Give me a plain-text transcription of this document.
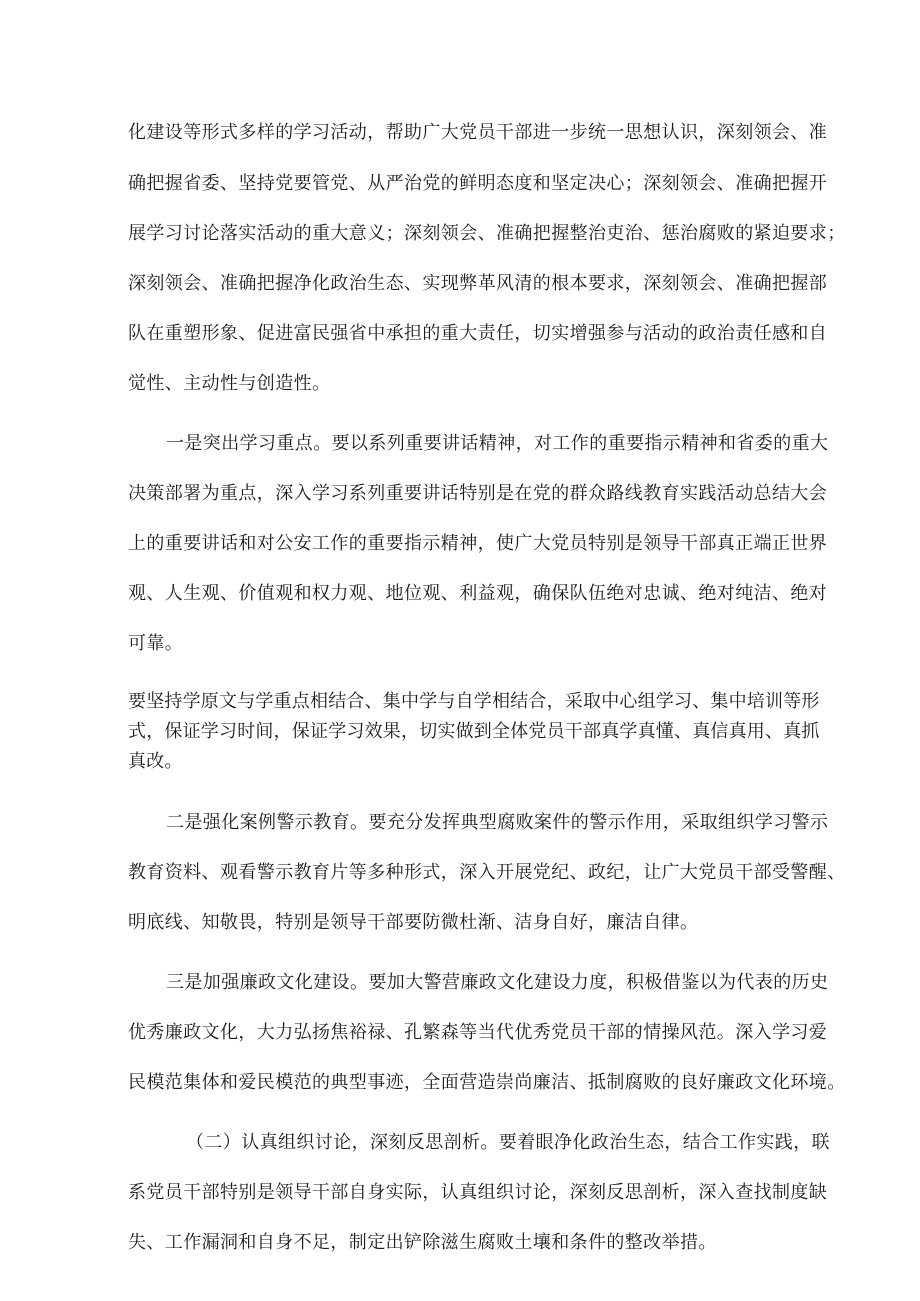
化建设等形式多样的学习活动，帮助广大党员干部进一步统一思想认识，深刻领会、准
确把握省委、坚持党要管党、从严治党的鲜明态度和坚定决心；深刻领会、准确把握开
展学习讨论落实活动的重大意义；深刻领会、准确把握整治吏治、惩治腐败的紧迫要求；
深刻领会、准确把握净化政治生态、实现弊革风清的根本要求，深刻领会、准确把握部
队在重塑形象、促进富民强省中承担的重大责任，切实增强参与活动的政治责任感和自
觉性、主动性与创造性。
一是突出学习重点。要以系列重要讲话精神，对工作的重要指示精神和省委的重大
决策部署为重点，深入学习系列重要讲话特别是在党的群众路线教育实践活动总结大会
上的重要讲话和对公安工作的重要指示精神，使广大党员特别是领导干部真正端正世界
观、人生观、价值观和权力观、地位观、利益观，确保队伍绝对忠诚、绝对纯洁、绝对
可靠。
要坚持学原文与学重点相结合、集中学与自学相结合，采取中心组学习、集中培训等形
式，保证学习时间，保证学习效果，切实做到全体党员干部真学真懂、真信真用、真抓
真改。
二是强化案例警示教育。要充分发挥典型腐败案件的警示作用，采取组织学习警示
教育资料、观看警示教育片等多种形式，深入开展党纪、政纪，让广大党员干部受警醒、
明底线、知敬畏，特别是领导干部要防微杜渐、洁身自好，廉洁自律。
三是加强廉政文化建设。要加大警营廉政文化建设力度，积极借鉴以为代表的历史
优秀廉政文化，大力弘扬焦裕禄、孔繁森等当代优秀党员干部的情操风范。深入学习爱
民模范集体和爱民模范的典型事迹，全面营造崇尚廉洁、抵制腐败的良好廉政文化环境。
（二）认真组织讨论，深刻反思剖析。要着眼净化政治生态，结合工作实践，联
系党员干部特别是领导干部自身实际，认真组织讨论，深刻反思剖析，深入查找制度缺
失、工作漏洞和自身不足，制定出铲除滋生腐败土壤和条件的整改举措。
